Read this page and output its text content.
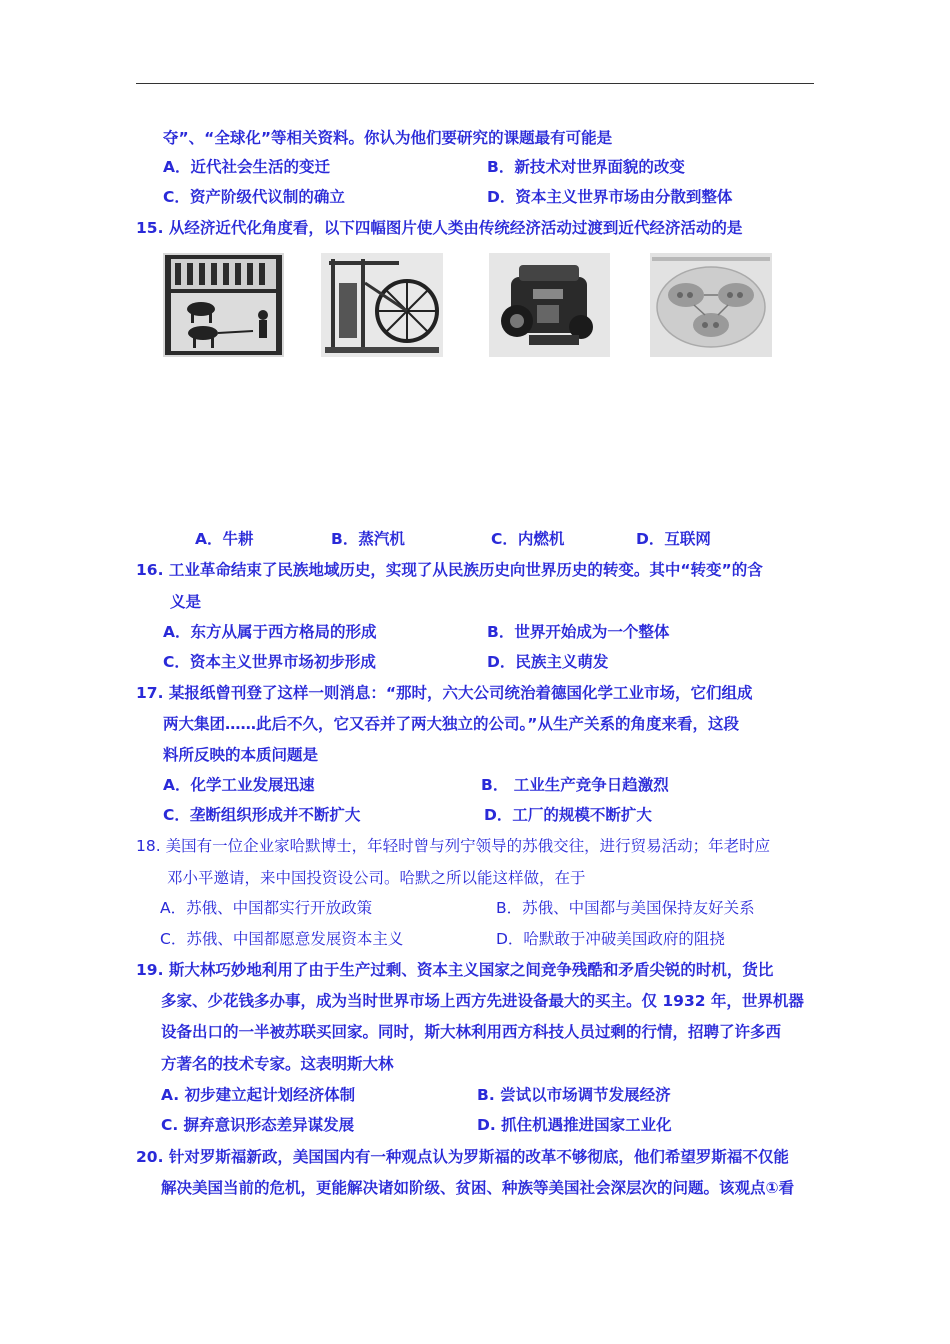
夺”、“全球化”等相关资料。你认为他们要研究的课题最有可能是
A．近代社会生活的变迁	B．新技术对世界面貌的改变
C．资产阶级代议制的确立	D．资本主义世界市场由分散到整体
15. 从经济近代化角度看，以下四幅图片使人类由传统经济活动过渡到近代经济活动的是
A．牛耕	B．蒸汽机	C．内燃机	D．互联网
16. 工业革命结束了民族地域历史，实现了从民族历史向世界历史的转变。其中“转变”的含
义是
A．东方从属于西方格局的形成	B．世界开始成为一个整体
C．资本主义世界市场初步形成	D．民族主义萌发
17. 某报纸曾刊登了这样一则消息：“那时，六大公司统治着德国化学工业市场，它们组成
两大集团……此后不久，它又吞并了两大独立的公司。”从生产关系的角度来看，这段
料所反映的本质问题是
A．化学工业发展迅速	B． 工业生产竞争日趋激烈
C．垄断组织形成并不断扩大	D．工厂的规模不断扩大
18. 美国有一位企业家哈默博士，年轻时曾与列宁领导的苏俄交往，进行贸易活动；年老时应
邓小平邀请，来中国投资设公司。哈默之所以能这样做，在于
A．苏俄、中国都实行开放政策	B．苏俄、中国都与美国保持友好关系
C．苏俄、中国都愿意发展资本主义	D．哈默敢于冲破美国政府的阻挠
19. 斯大林巧妙地利用了由于生产过剩、资本主义国家之间竞争残酷和矛盾尖锐的时机，货比
多家、少花钱多办事，成为当时世界市场上西方先进设备最大的买主。仅 1932 年，世界机器
设备出口的一半被苏联买回家。同时，斯大林利用西方科技人员过剩的行情，招聘了许多西
方著名的技术专家。这表明斯大林
A. 初步建立起计划经济体制	B. 尝试以市场调节发展经济
C. 摒弃意识形态差异谋发展	D. 抓住机遇推进国家工业化
20. 针对罗斯福新政，美国国内有一种观点认为罗斯福的改革不够彻底，他们希望罗斯福不仅能
解决美国当前的危机，更能解决诸如阶级、贫困、种族等美国社会深层次的问题。该观点①看
